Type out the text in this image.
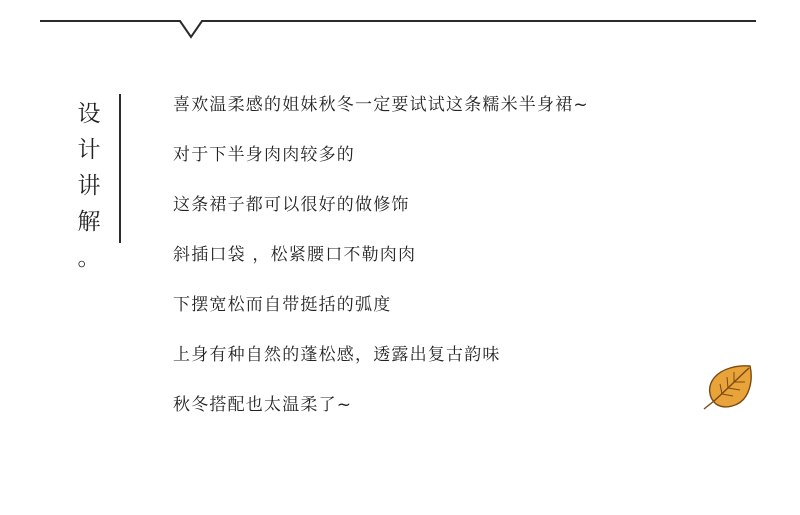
设
计
讲
解
。
喜欢温柔感的姐妹秋冬一定要试试这条糯米半身裙~
对于下半身肉肉较多的
这条裙子都可以很好的做修饰
斜插口袋 ，松紧腰口不勒肉肉
下摆宽松而自带挺括的弧度
上身有种自然的蓬松感，透露出复古韵味
秋冬搭配也太温柔了~
